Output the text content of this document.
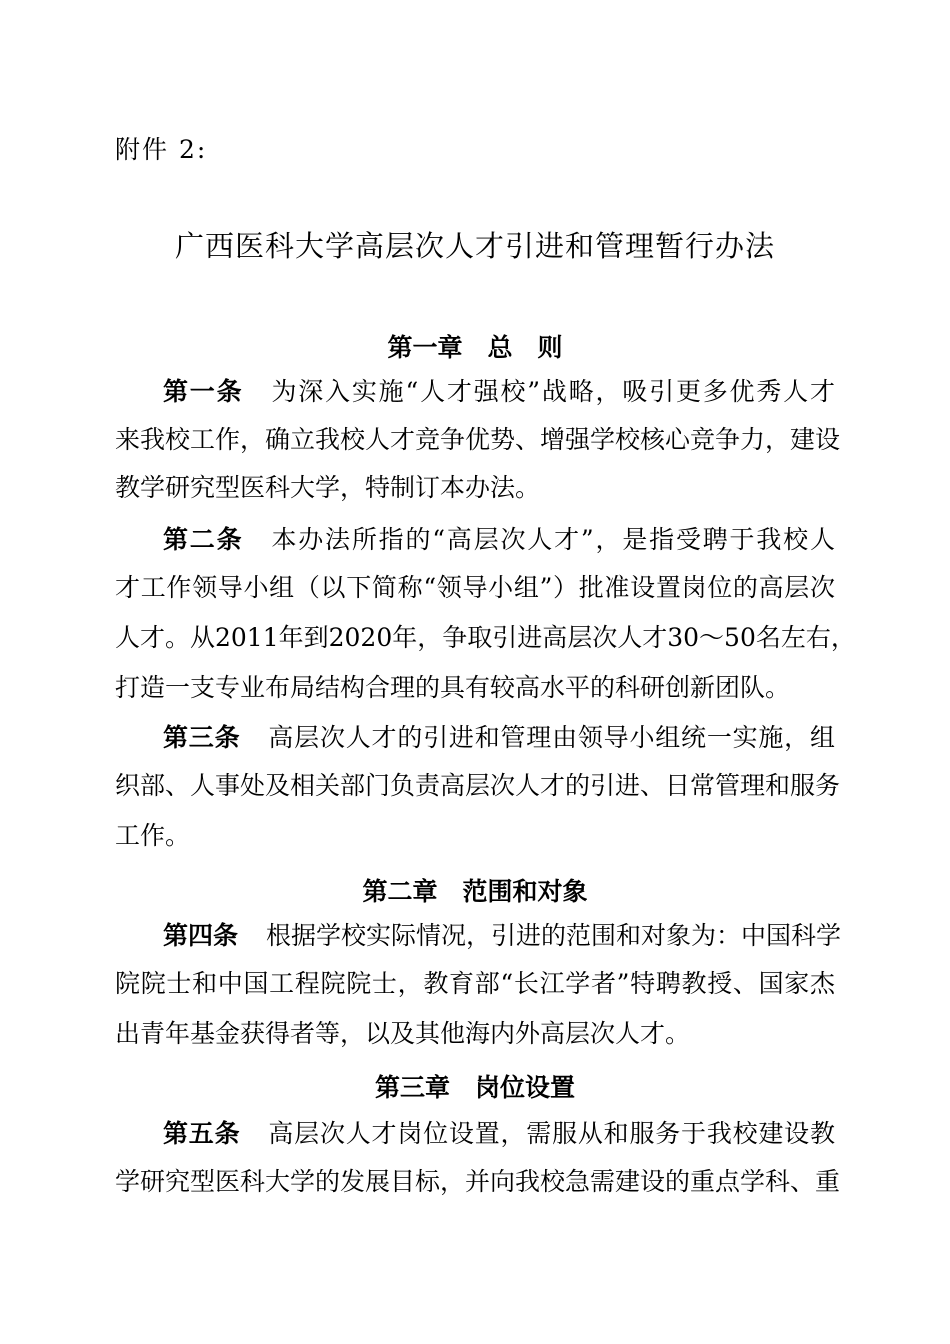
附件 2:
广西医科大学高层次人才引进和管理暂行办法
第一章　总　则
第一条 为深入实施“人才强校”战略，吸引更多优秀人才
来我校工作，确立我校人才竞争优势、增强学校核心竞争力，建设
教学研究型医科大学，特制订本办法。
第二条 本办法所指的“高层次人才”，是指受聘于我校人
才工作领导小组（以下简称“领导小组”）批准设置岗位的高层次
人才。从2011年到2020年，争取引进高层次人才30～50名左右，
打造一支专业布局结构合理的具有较高水平的科研创新团队。
第三条 高层次人才的引进和管理由领导小组统一实施，组
织部、人事处及相关部门负责高层次人才的引进、日常管理和服务
工作。
第二章　范围和对象
第四条 根据学校实际情况，引进的范围和对象为：中国科学
院院士和中国工程院院士，教育部“长江学者”特聘教授、国家杰
出青年基金获得者等，以及其他海内外高层次人才。
第三章　岗位设置
第五条 高层次人才岗位设置，需服从和服务于我校建设教
学研究型医科大学的发展目标，并向我校急需建设的重点学科、重
